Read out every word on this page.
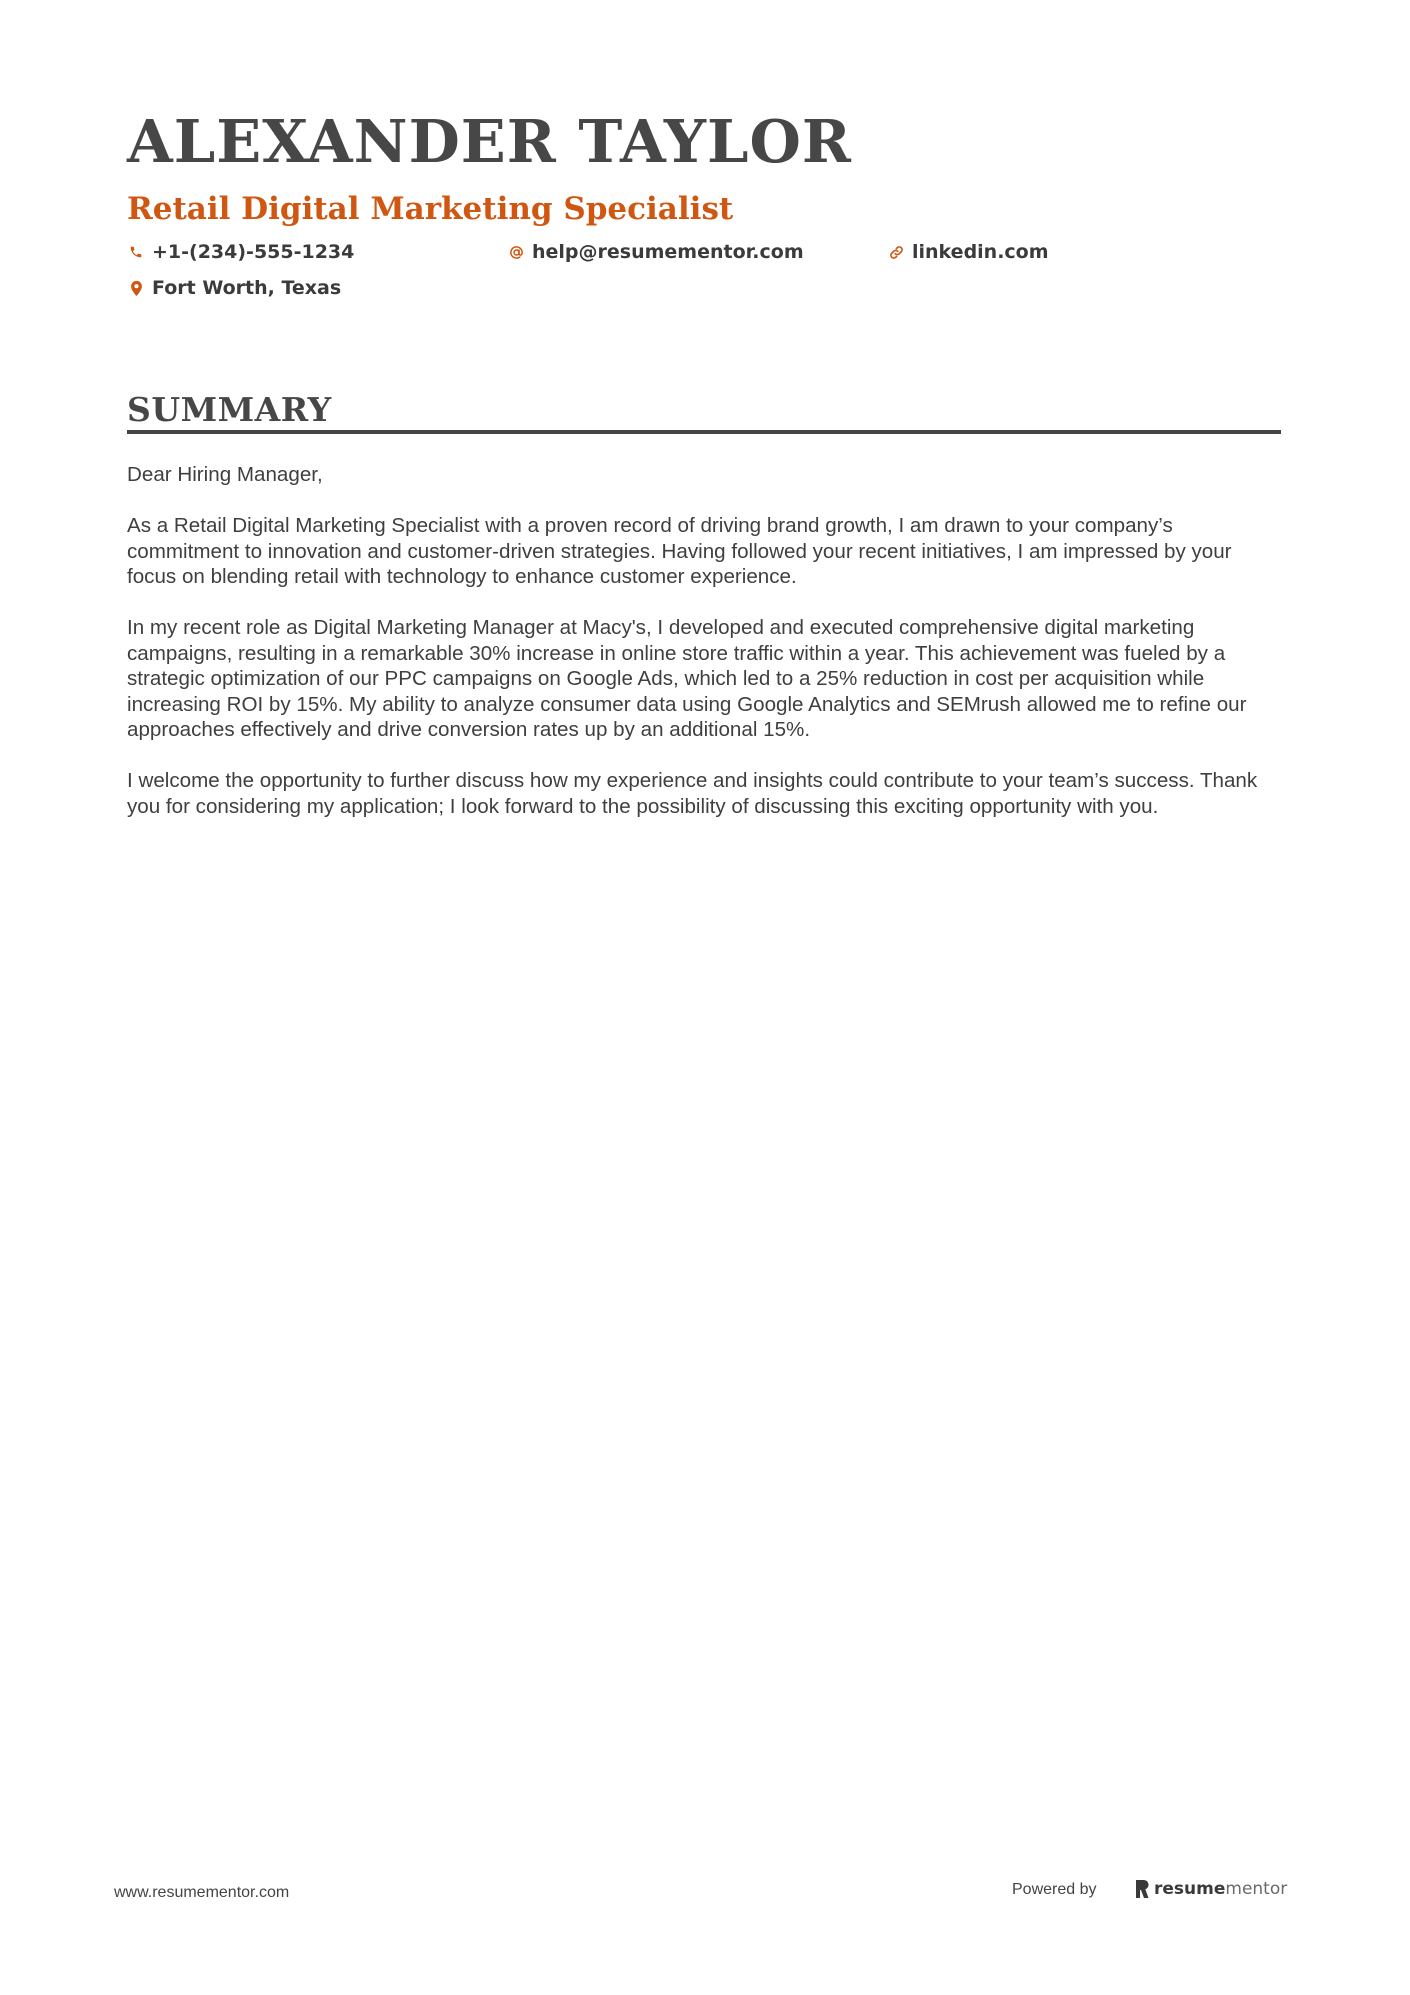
ALEXANDER TAYLOR
Retail Digital Marketing Specialist
+1-(234)-555-1234	help@resumementor.com	linkedin.com
Fort Worth, Texas
SUMMARY

Dear Hiring Manager,

As a Retail Digital Marketing Specialist with a proven record of driving brand growth, I am drawn to your company’s commitment to innovation and customer-driven strategies. Having followed your recent initiatives, I am impressed by your focus on blending retail with technology to enhance customer experience.

In my recent role as Digital Marketing Manager at Macy's, I developed and executed comprehensive digital marketing campaigns, resulting in a remarkable 30% increase in online store traffic within a year. This achievement was fueled by a strategic optimization of our PPC campaigns on Google Ads, which led to a 25% reduction in cost per acquisition while increasing ROI by 15%. My ability to analyze consumer data using Google Analytics and SEMrush allowed me to refine our approaches effectively and drive conversion rates up by an additional 15%.

I welcome the opportunity to further discuss how my experience and insights could contribute to your team’s success. Thank you for considering my application; I look forward to the possibility of discussing this exciting opportunity with you.

www.resumementor.com	Powered by	resume mentor
